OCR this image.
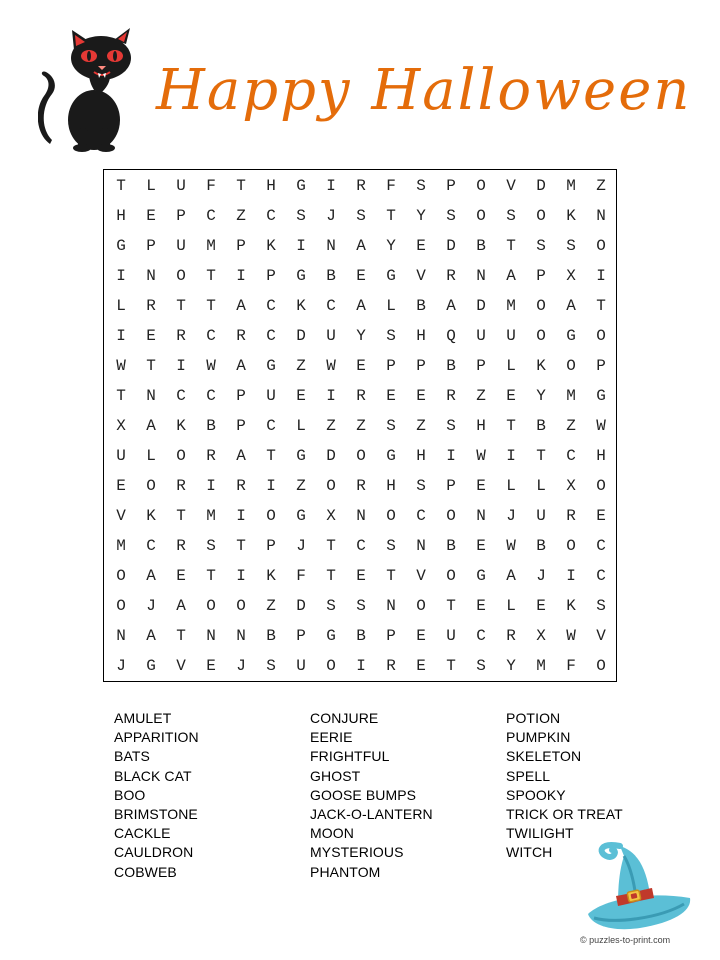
Happy Halloween
T	L	U	F	T	H	G	I	R	F	S	P	O	V	D	M	Z
H	E	P	C	Z	C	S	J	S	T	Y	S	O	S	O	K	N
G	P	U	M	P	K	I	N	A	Y	E	D	B	T	S	S	O
I	N	O	T	I	P	G	B	E	G	V	R	N	A	P	X	I
L	R	T	T	A	C	K	C	A	L	B	A	D	M	O	A	T
I	E	R	C	R	C	D	U	Y	S	H	Q	U	U	O	G	O
W	T	I	W	A	G	Z	W	E	P	P	B	P	L	K	O	P
T	N	C	C	P	U	E	I	R	E	E	R	Z	E	Y	M	G
X	A	K	B	P	C	L	Z	Z	S	Z	S	H	T	B	Z	W
U	L	O	R	A	T	G	D	O	G	H	I	W	I	T	C	H
E	O	R	I	R	I	Z	O	R	H	S	P	E	L	L	X	O
V	K	T	M	I	O	G	X	N	O	C	O	N	J	U	R	E
M	C	R	S	T	P	J	T	C	S	N	B	E	W	B	O	C
O	A	E	T	I	K	F	T	E	T	V	O	G	A	J	I	C
O	J	A	O	O	Z	D	S	S	N	O	T	E	L	E	K	S
N	A	T	N	N	B	P	G	B	P	E	U	C	R	X	W	V
J	G	V	E	J	S	U	O	I	R	E	T	S	Y	M	F	O
AMULET
APPARITION
BATS
BLACK CAT
BOO
BRIMSTONE
CACKLE
CAULDRON
COBWEB
CONJURE
EERIE
FRIGHTFUL
GHOST
GOOSE BUMPS
JACK-O-LANTERN
MOON
MYSTERIOUS
PHANTOM
POTION
PUMPKIN
SKELETON
SPELL
SPOOKY
TRICK OR TREAT
TWILIGHT
WITCH
© puzzles-to-print.com
